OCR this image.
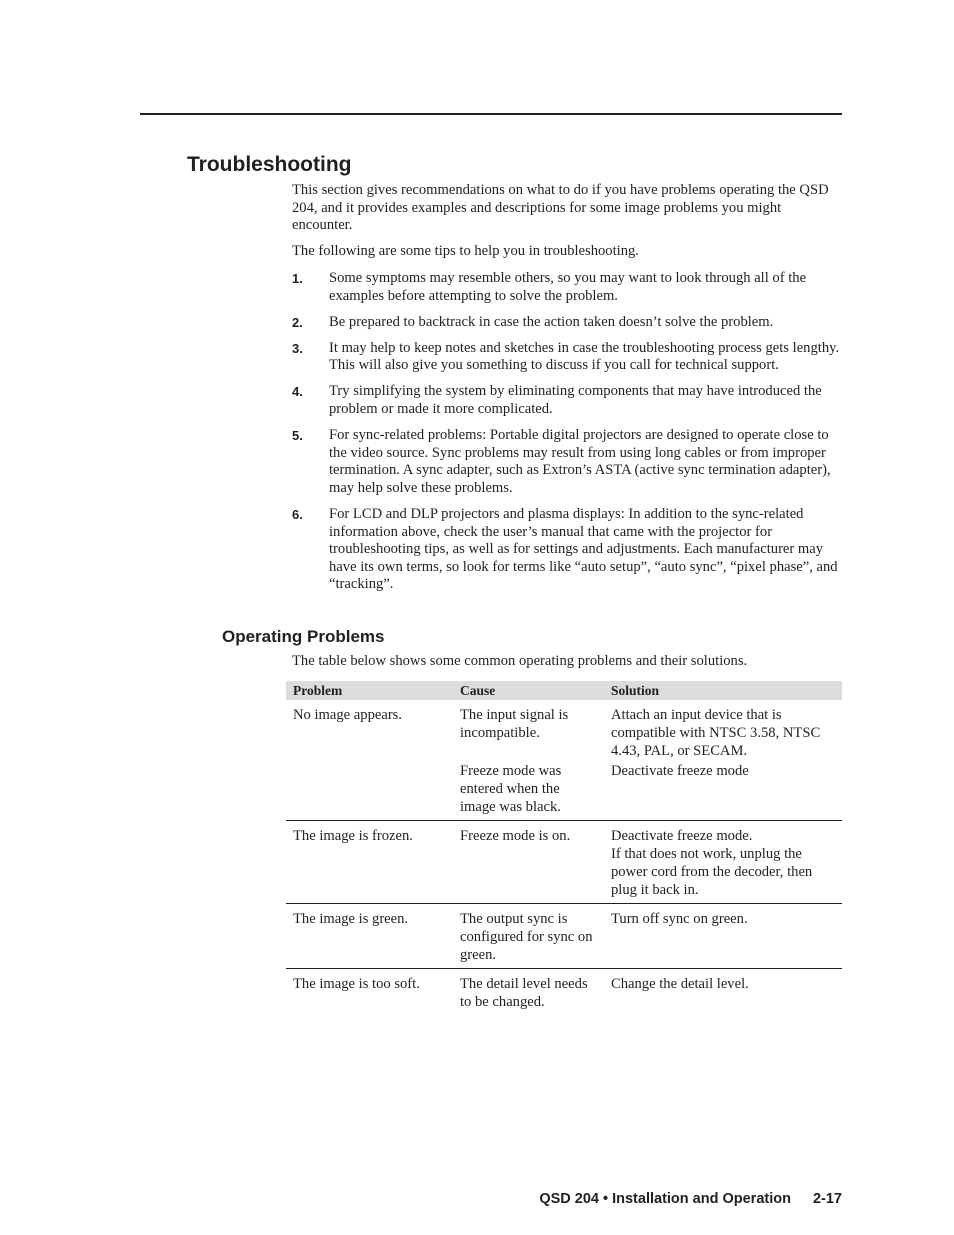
Troubleshooting

This section gives recommendations on what to do if you have problems operating the QSD 204, and it provides examples and descriptions for some image problems you might encounter.

The following are some tips to help you in troubleshooting.

1. Some symptoms may resemble others, so you may want to look through all of the examples before attempting to solve the problem.
2. Be prepared to backtrack in case the action taken doesn’t solve the problem.
3. It may help to keep notes and sketches in case the troubleshooting process gets lengthy. This will also give you something to discuss if you call for technical support.
4. Try simplifying the system by eliminating components that may have introduced the problem or made it more complicated.
5. For sync-related problems: Portable digital projectors are designed to operate close to the video source. Sync problems may result from using long cables or from improper termination. A sync adapter, such as Extron’s ASTA (active sync termination adapter), may help solve these problems.
6. For LCD and DLP projectors and plasma displays: In addition to the sync-related information above, check the user’s manual that came with the projector for troubleshooting tips, as well as for settings and adjustments. Each manufacturer may have its own terms, so look for terms like “auto setup”, “auto sync”, “pixel phase”, and “tracking”.
Operating Problems

The table below shows some common operating problems and their solutions.

Problem	Cause	Solution
No image appears.	The input signal is incompatible.	Attach an input device that is compatible with NTSC 3.58, NTSC 4.43, PAL, or SECAM.
	Freeze mode was entered when the image was black.	Deactivate freeze mode
The image is frozen.	Freeze mode is on.	Deactivate freeze mode.
If that does not work, unplug the power cord from the decoder, then plug it back in.

The image is green.	The output sync is configured for sync on green.	Turn off sync on green.
The image is too soft.	The detail level needs to be changed.	Change the detail level.
QSD 204 • Installation and Operation 2-17
